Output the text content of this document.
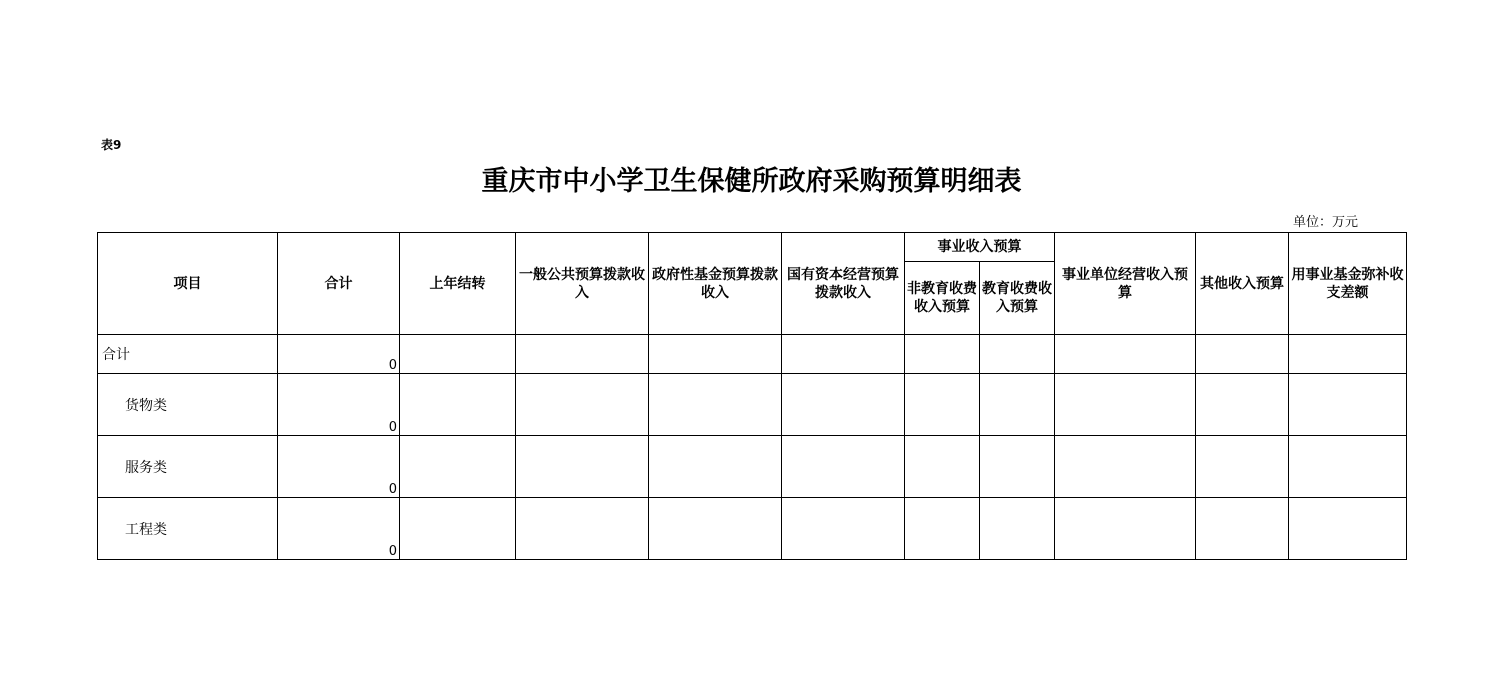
表9
重庆市中小学卫生保健所政府采购预算明细表
单位：万元
项目	合计	上年结转	一般公共预算拨款收入	政府性基金预算拨款收入	国有资本经营预算拨款收入	事业收入预算		事业单位经营收入预算	其他收入预算	用事业基金弥补收支差额
						非教育收费收入预算	教育收费收入预算			
合计	0									
货物类	0									
服务类	0									
工程类	0									
